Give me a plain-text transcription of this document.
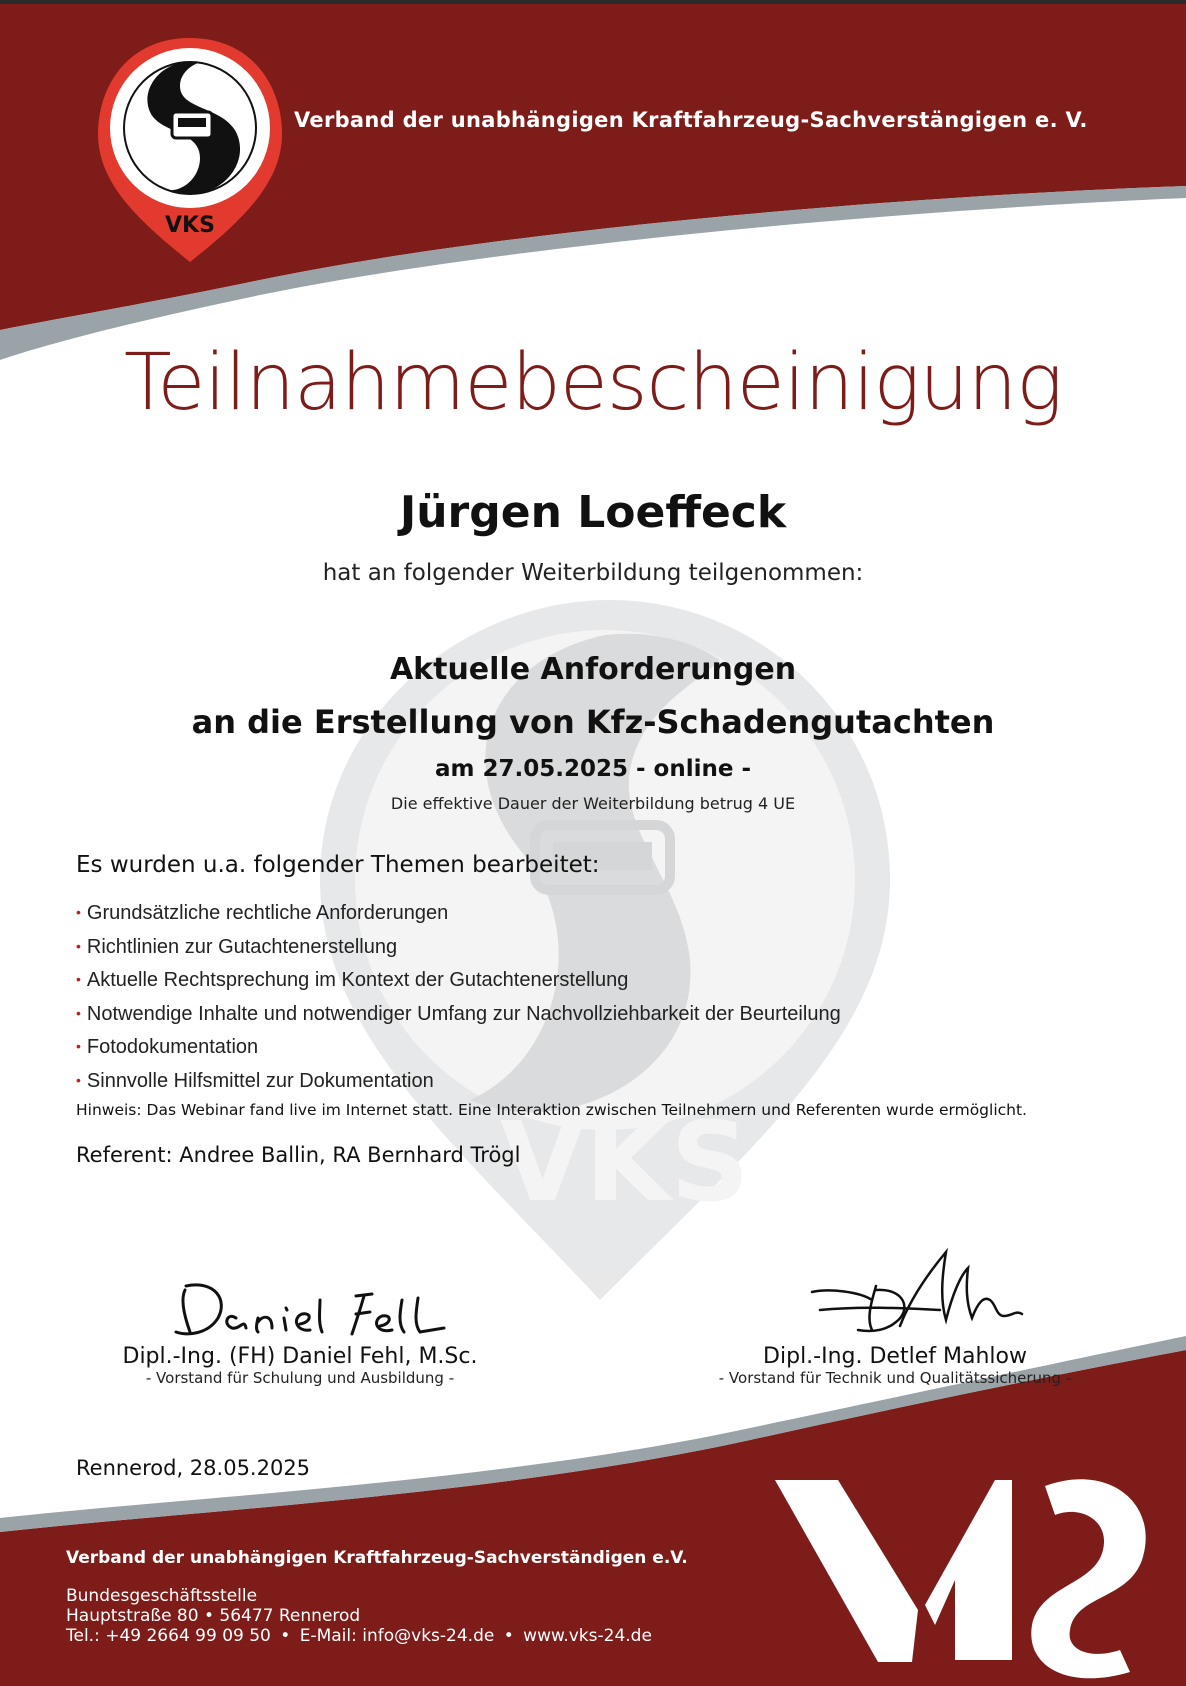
VKS
VKS
Verband der unabhängigen Kraftfahrzeug-Sachverstängigen e. V.
Teilnahmebescheinigung
Jürgen Loeffeck
hat an folgender Weiterbildung teilgenommen:
Aktuelle Anforderungen
an die Erstellung von Kfz-Schadengutachten
am 27.05.2025 - online -
Die effektive Dauer der Weiterbildung betrug 4 UE
Es wurden u.a. folgender Themen bearbeitet:
• Grundsätzliche rechtliche Anforderungen
• Richtlinien zur Gutachtenerstellung
• Aktuelle Rechtsprechung im Kontext der Gutachtenerstellung
• Notwendige Inhalte und notwendiger Umfang zur Nachvollziehbarkeit der Beurteilung
• Fotodokumentation
• Sinnvolle Hilfsmittel zur Dokumentation
Hinweis: Das Webinar fand live im Internet statt. Eine Interaktion zwischen Teilnehmern und Referenten wurde ermöglicht.
Referent: Andree Ballin, RA Bernhard Trögl
Dipl.-Ing. (FH) Daniel Fehl, M.Sc.
- Vorstand für Schulung und Ausbildung -
Dipl.-Ing. Detlef Mahlow
- Vorstand für Technik und Qualitätssicherung -
Rennerod, 28.05.2025
Verband der unabhängigen Kraftfahrzeug-Sachverständigen e.V.
Bundesgeschäftsstelle
Hauptstraße 80 • 56477 Rennerod
Tel.: +49 2664 99 09 50 • E-Mail: info@vks-24.de • www.vks-24.de
